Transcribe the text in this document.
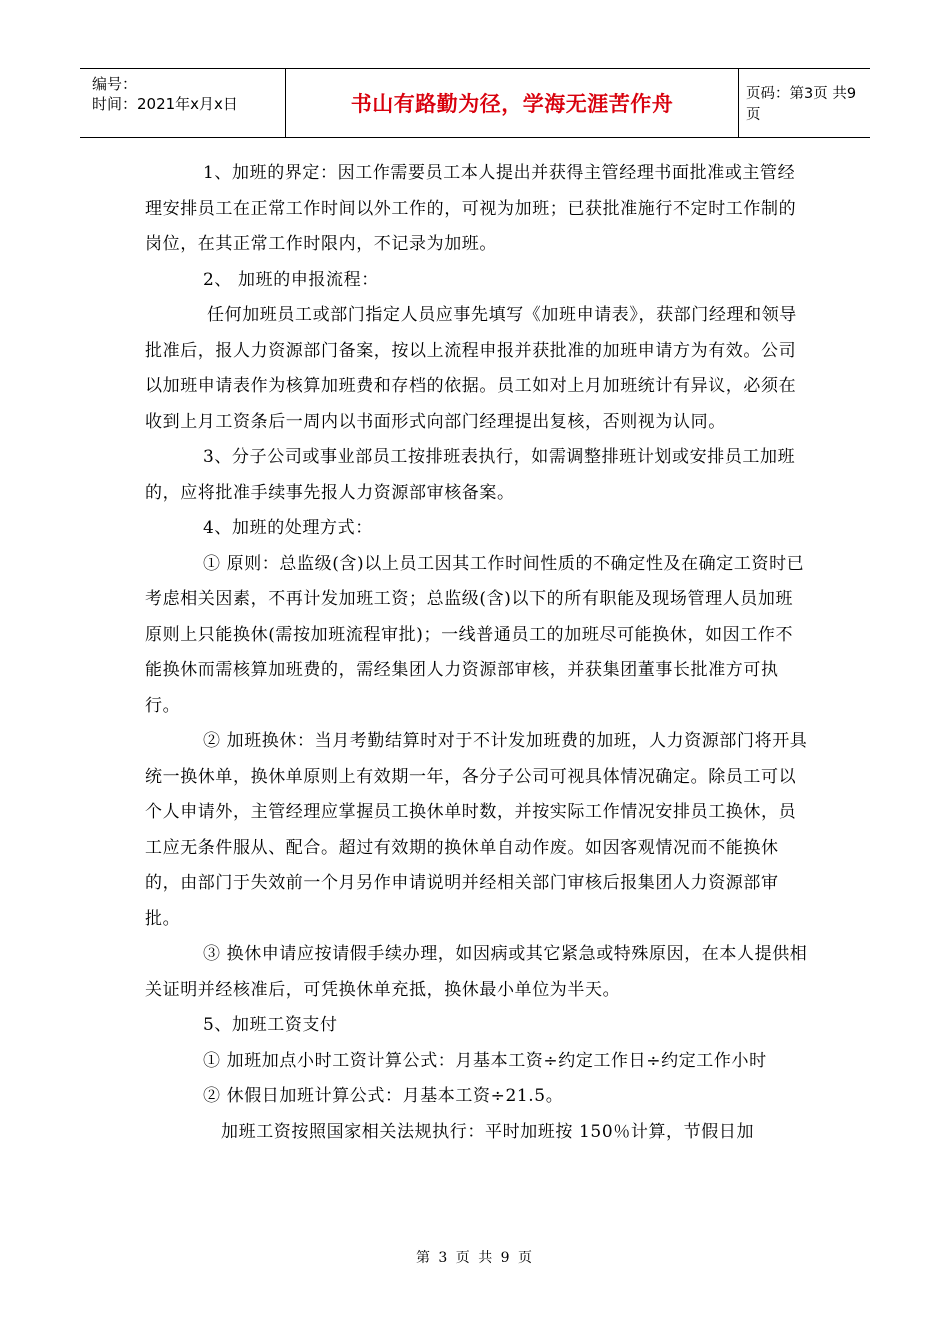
编号：
时间：2021年x月x日	书山有路勤为径，学海无涯苦作舟	页码：第3页 共9页

1、加班的界定：因工作需要员工本人提出并获得主管经理书面批准或主管经理安排员工在正常工作时间以外工作的，可视为加班；已获批准施行不定时工作制的岗位，在其正常工作时限内，不记录为加班。

2、 加班的申报流程：

任何加班员工或部门指定人员应事先填写《加班申请表》，获部门经理和领导批准后，报人力资源部门备案，按以上流程申报并获批准的加班申请方为有效。公司以加班申请表作为核算加班费和存档的依据。员工如对上月加班统计有异议，必须在收到上月工资条后一周内以书面形式向部门经理提出复核，否则视为认同。

3、分子公司或事业部员工按排班表执行，如需调整排班计划或安排员工加班的，应将批准手续事先报人力资源部审核备案。

4、加班的处理方式：

① 原则：总监级(含)以上员工因其工作时间性质的不确定性及在确定工资时已考虑相关因素，不再计发加班工资；总监级(含)以下的所有职能及现场管理人员加班原则上只能换休(需按加班流程审批)；一线普通员工的加班尽可能换休，如因工作不能换休而需核算加班费的，需经集团人力资源部审核，并获集团董事长批准方可执行。

② 加班换休：当月考勤结算时对于不计发加班费的加班，人力资源部门将开具统一换休单，换休单原则上有效期一年，各分子公司可视具体情况确定。除员工可以个人申请外，主管经理应掌握员工换休单时数，并按实际工作情况安排员工换休，员工应无条件服从、配合。超过有效期的换休单自动作废。如因客观情况而不能换休的，由部门于失效前一个月另作申请说明并经相关部门审核后报集团人力资源部审批。

③ 换休申请应按请假手续办理，如因病或其它紧急或特殊原因，在本人提供相关证明并经核准后，可凭换休单充抵，换休最小单位为半天。

5、加班工资支付

① 加班加点小时工资计算公式：月基本工资÷约定工作日÷约定工作小时

② 休假日加班计算公式：月基本工资÷21.5。

加班工资按照国家相关法规执行：平时加班按 150％计算，节假日加

第 3 页 共 9 页
